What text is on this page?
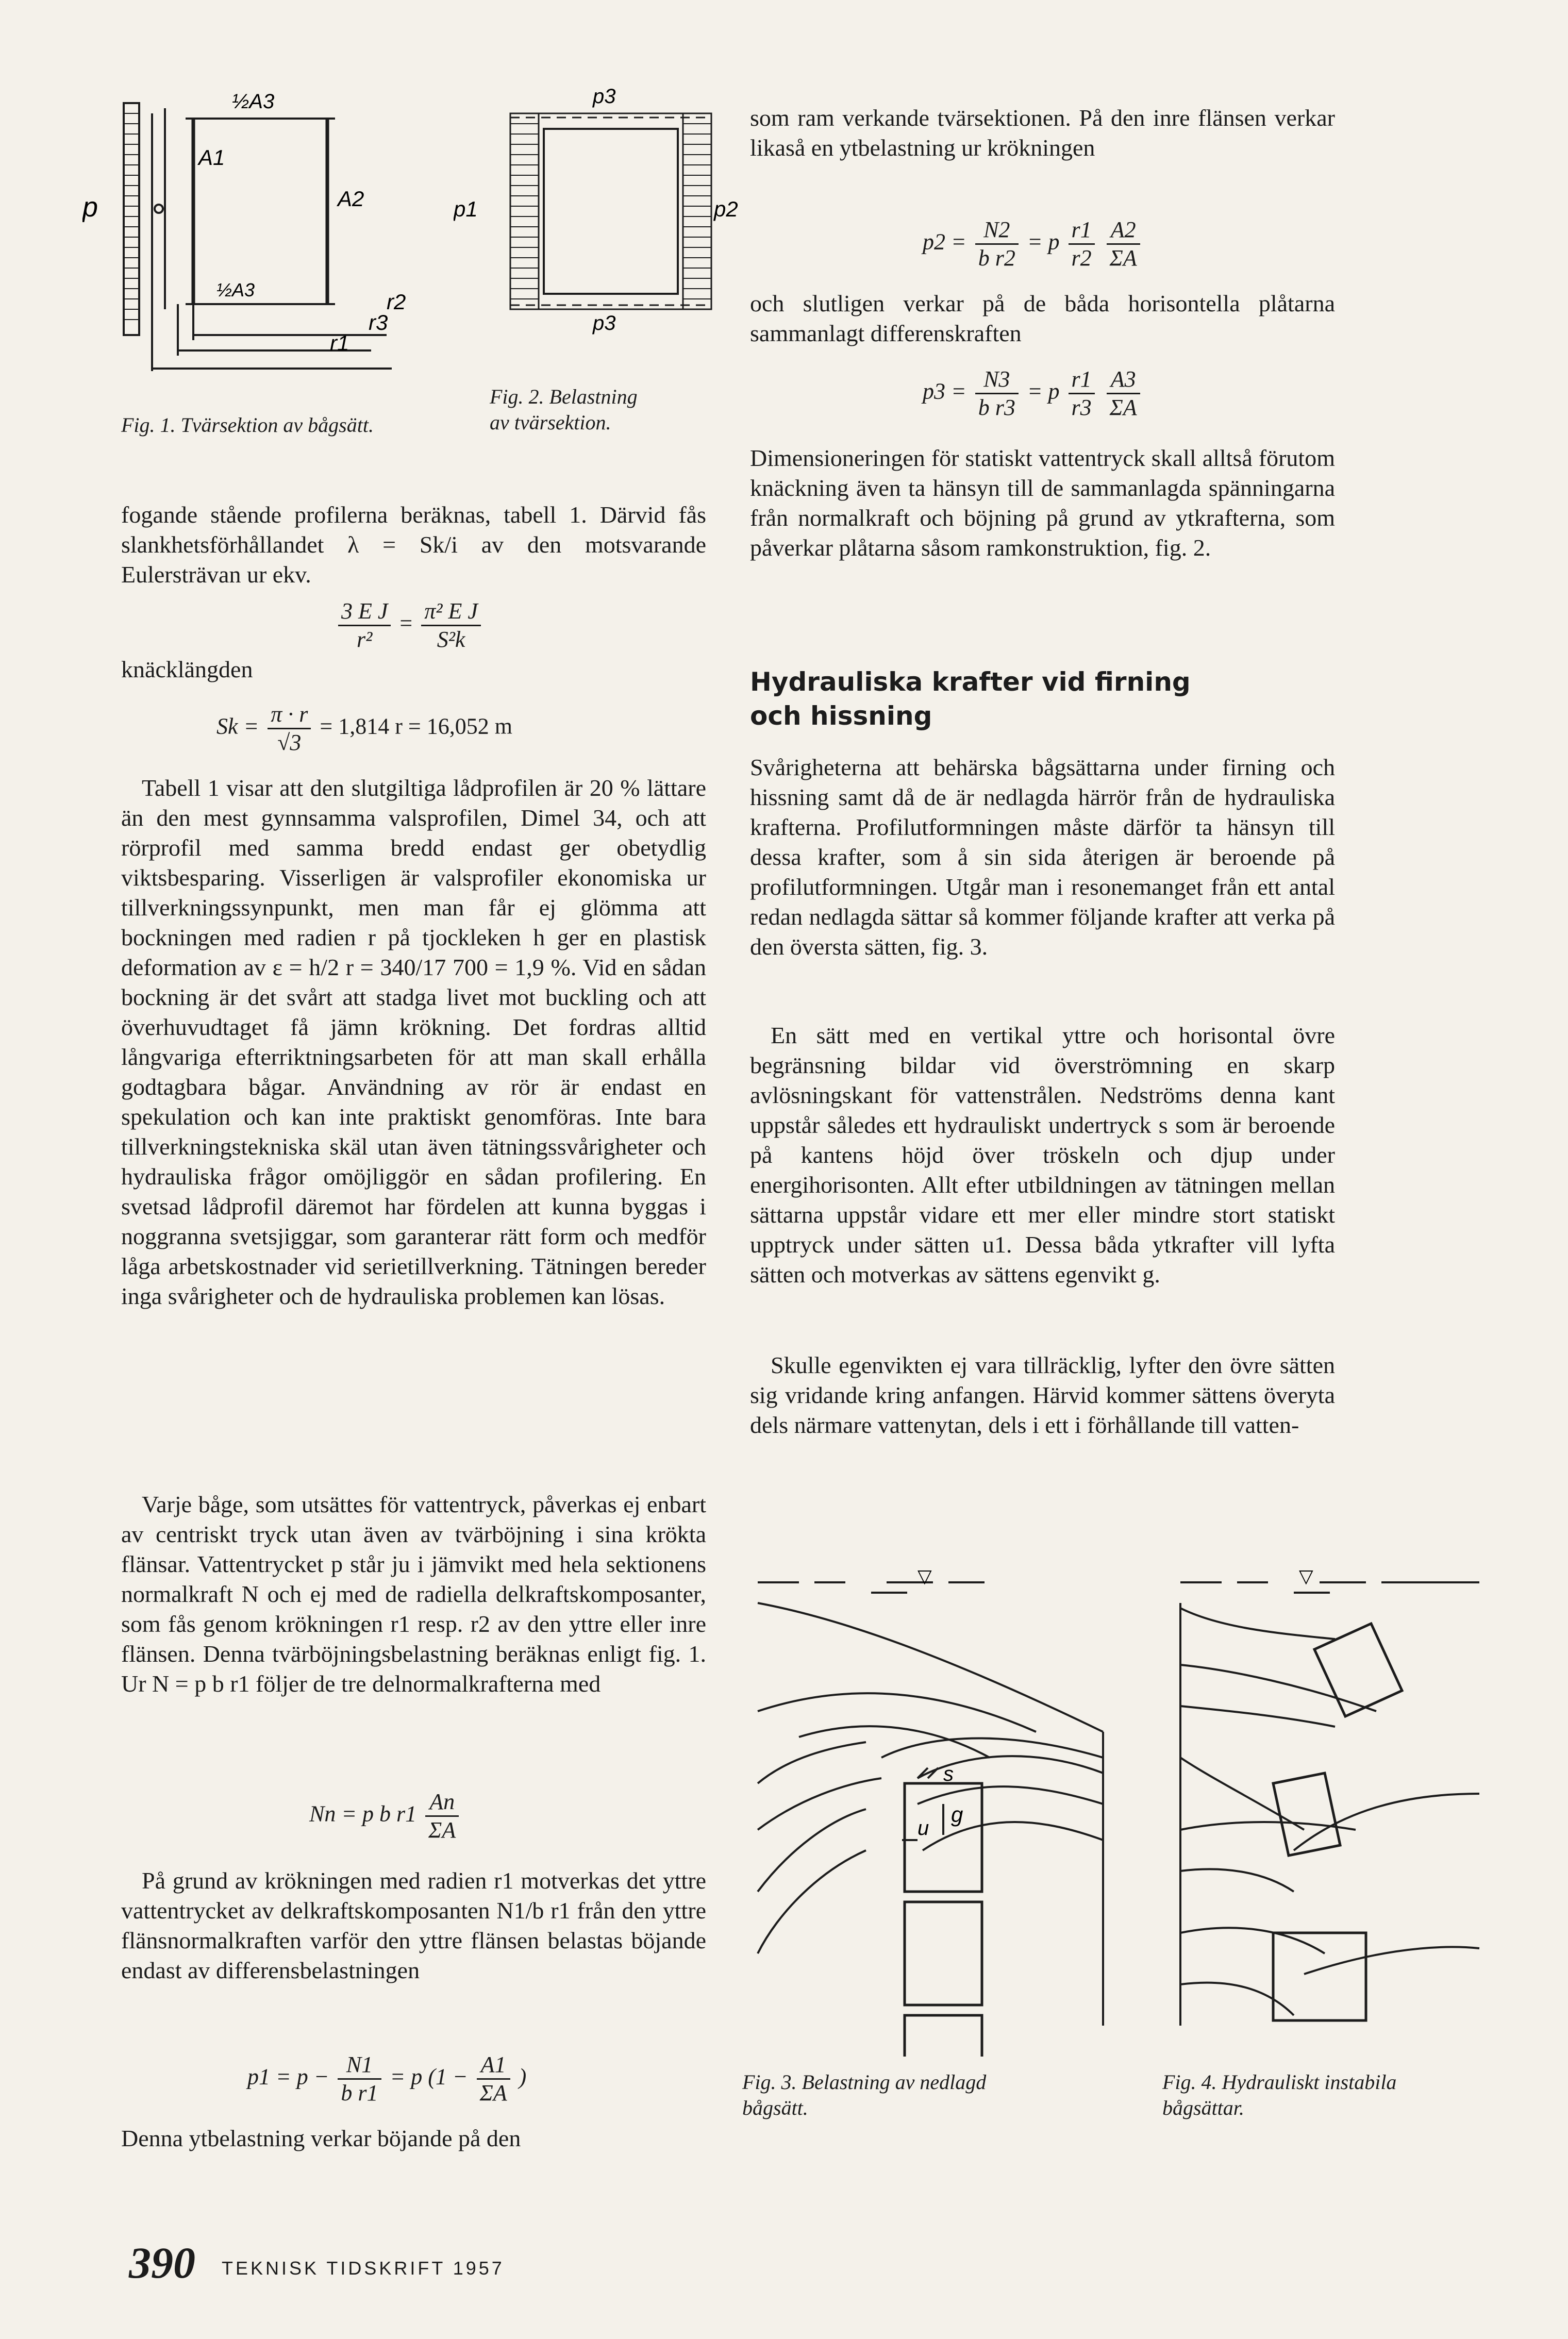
p
A1
A2
½A3
½A3	r2
r3
r1
Fig. 1. Tvärsektion av bågsätt.
p3
p1	p2
p3
Fig. 2. Belastning
av tvärsektion.

fogande stående profilerna beräknas, tabell 1. Därvid fås slankhetsförhållandet λ = Sk/i av den motsvarande Eulersträvan ur ekv.

$\frac{\text{3 E J}}{\text{r²}} = \frac{\text{π² E J}}{\text{S²k}}$

knäcklängden

$Sk = \frac{\pi \cdot r}{√3} = 1,814$ r = 16,052 m

Tabell 1 visar att den slutgiltiga lådprofilen är 20 % lättare än den mest gynnsamma valsprofilen, Dimel 34, och att rörprofil med samma bredd endast ger obetydlig viktsbesparing. Visserligen är valsprofiler ekonomiska ur tillverkningssynpunkt, men man får ej glömma att bockningen med radien r på tjockleken h ger en plastisk deformation av ε = h/2 r = 340/17 700 = 1,9 %. Vid en sådan bockning är det svårt att stadga livet mot buckling och att överhuvudtaget få jämn krökning. Det fordras alltid långvariga efterriktningsarbeten för att man skall erhålla godtagbara bågar. Användning av rör är endast en spekulation och kan inte praktiskt genomföras. Inte bara tillverkningstekniska skäl utan även tätningssvårigheter och hydrauliska frågor omöjliggör en sådan profilering. En svetsad lådprofil däremot har fördelen att kunna byggas i noggranna svetsjiggar, som garanterar rätt form och medför låga arbetskostnader vid serietillverkning. Tätningen bereder inga svårigheter och de hydrauliska problemen kan lösas.

Varje båge, som utsättes för vattentryck, påverkas ej enbart av centriskt tryck utan även av tvärböjning i sina krökta flänsar. Vattentrycket p står ju i jämvikt med hela sektionens normalkraft N och ej med de radiella delkraftskomposanter, som fås genom krökningen r1 resp. r2 av den yttre eller inre flänsen. Denna tvärböjningsbelastning beräknas enligt fig. 1. Ur N = p b r1 följer de tre delnormalkrafterna med

Nn = p b $r1 \frac{An}{\Sigma A}$

På grund av krökningen med radien r1 motverkas det yttre vattentrycket av delkraftskomposanten N1/b r1 från den yttre flänsnormalkraften varför den yttre flänsen belastas böjande endast av differensbelastningen

$p1 = p - \frac{N1}{\text{b r1}} = p$ ($1 - \frac{A1}{\Sigma A}$ )

Denna ytbelastning verkar böjande på den

som ram verkande tvärsektionen. På den inre flänsen verkar likaså en ytbelastning ur krökningen

$p2 = \frac{N2}{\text{b r2}} = p \frac{r1}{r2}$
$\frac{A2}{\Sigma A}$

och slutligen verkar på de båda horisontella plåtarna sammanlagt differenskraften

$p3 = \frac{N3}{\text{b r3}} = p \frac{r1}{r3}$
$\frac{A3}{\Sigma A}$

Dimensioneringen för statiskt vattentryck skall alltså förutom knäckning även ta hänsyn till de sammanlagda spänningarna från normalkraft och böjning på grund av ytkrafterna, som påverkar plåtarna såsom ramkonstruktion, fig. 2.

Hydrauliska krafter vid firning
och hissning

Svårigheterna att behärska bågsättarna under firning och hissning samt då de är nedlagda härrör från de hydrauliska krafterna. Profilutformningen måste därför ta hänsyn till dessa krafter, som å sin sida återigen är beroende på profilutformningen. Utgår man i resonemanget från ett antal redan nedlagda sättar så kommer följande krafter att verka på den översta sätten, fig. 3.

En sätt med en vertikal yttre och horisontal övre begränsning bildar vid överströmning en skarp avlösningskant för vattenstrålen. Nedströms denna kant uppstår således ett hydrauliskt undertryck s som är beroende på kantens höjd över tröskeln och djup under energihorisonten. Allt efter utbildningen av tätningen mellan sättarna uppstår vidare ett mer eller mindre stort statiskt upptryck under sätten u1. Dessa båda ytkrafter vill lyfta sätten och motverkas av sättens egenvikt g.

Skulle egenvikten ej vara tillräcklig, lyfter den övre sätten sig vridande kring anfangen. Härvid kommer sättens överyta dels närmare vattenytan, dels i ett i förhållande till vatten-

▽
s
g
u
Fig. 3. Belastning av nedlagd
bågsätt.
▽
Fig. 4. Hydrauliskt instabila
bågsättar.
390 TEKNISK TIDSKRIFT 1957
